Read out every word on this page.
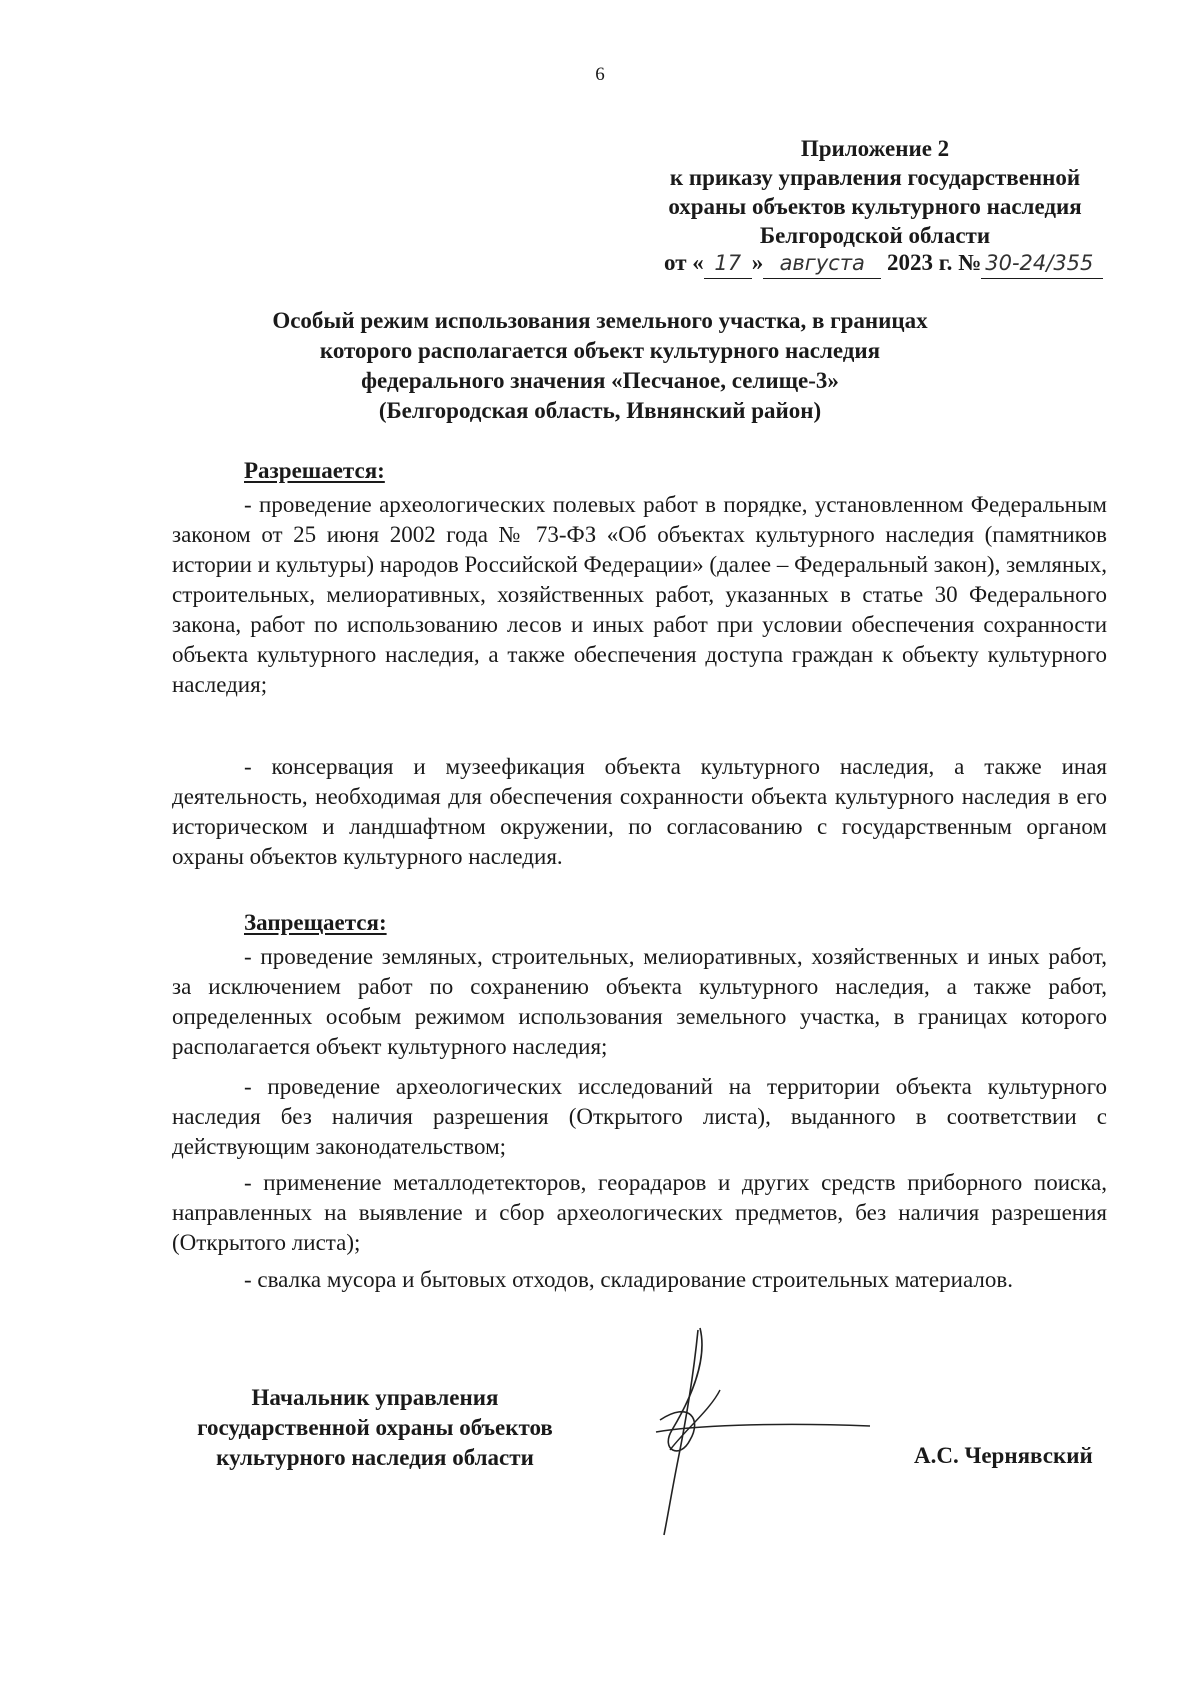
6
Приложение 2
к приказу управления государственной
охраны объектов культурного наследия
Белгородской области
от « 17 » августа 2023 г. № 30-24/355
Особый режим использования земельного участка, в границах
которого располагается объект культурного наследия
федерального значения «Песчаное, селище-3»
(Белгородская область, Ивнянский район)
Разрешается:
- проведение археологических полевых работ в порядке, установленном Федеральным законом от 25 июня 2002 года № 73-ФЗ «Об объектах культурного наследия (памятников истории и культуры) народов Российской Федерации» (далее – Федеральный закон), земляных, строительных, мелиоративных, хозяйственных работ, указанных в статье 30 Федерального закона, работ по использованию лесов и иных работ при условии обеспечения сохранности объекта культурного наследия, а также обеспечения доступа граждан к объекту культурного наследия;
- консервация и музеефикация объекта культурного наследия, а также иная деятельность, необходимая для обеспечения сохранности объекта культурного наследия в его историческом и ландшафтном окружении, по согласованию с государственным органом охраны объектов культурного наследия.
Запрещается:
- проведение земляных, строительных, мелиоративных, хозяйственных и иных работ, за исключением работ по сохранению объекта культурного наследия, а также работ, определенных особым режимом использования земельного участка, в границах которого располагается объект культурного наследия;
- проведение археологических исследований на территории объекта культурного наследия без наличия разрешения (Открытого листа), выданного в соответствии с действующим законодательством;
- применение металлодетекторов, георадаров и других средств приборного поиска, направленных на выявление и сбор археологических предметов, без наличия разрешения (Открытого листа);
- свалка мусора и бытовых отходов, складирование строительных материалов.
Начальник управления
государственной охраны объектов
культурного наследия области	А.С. Чернявский
